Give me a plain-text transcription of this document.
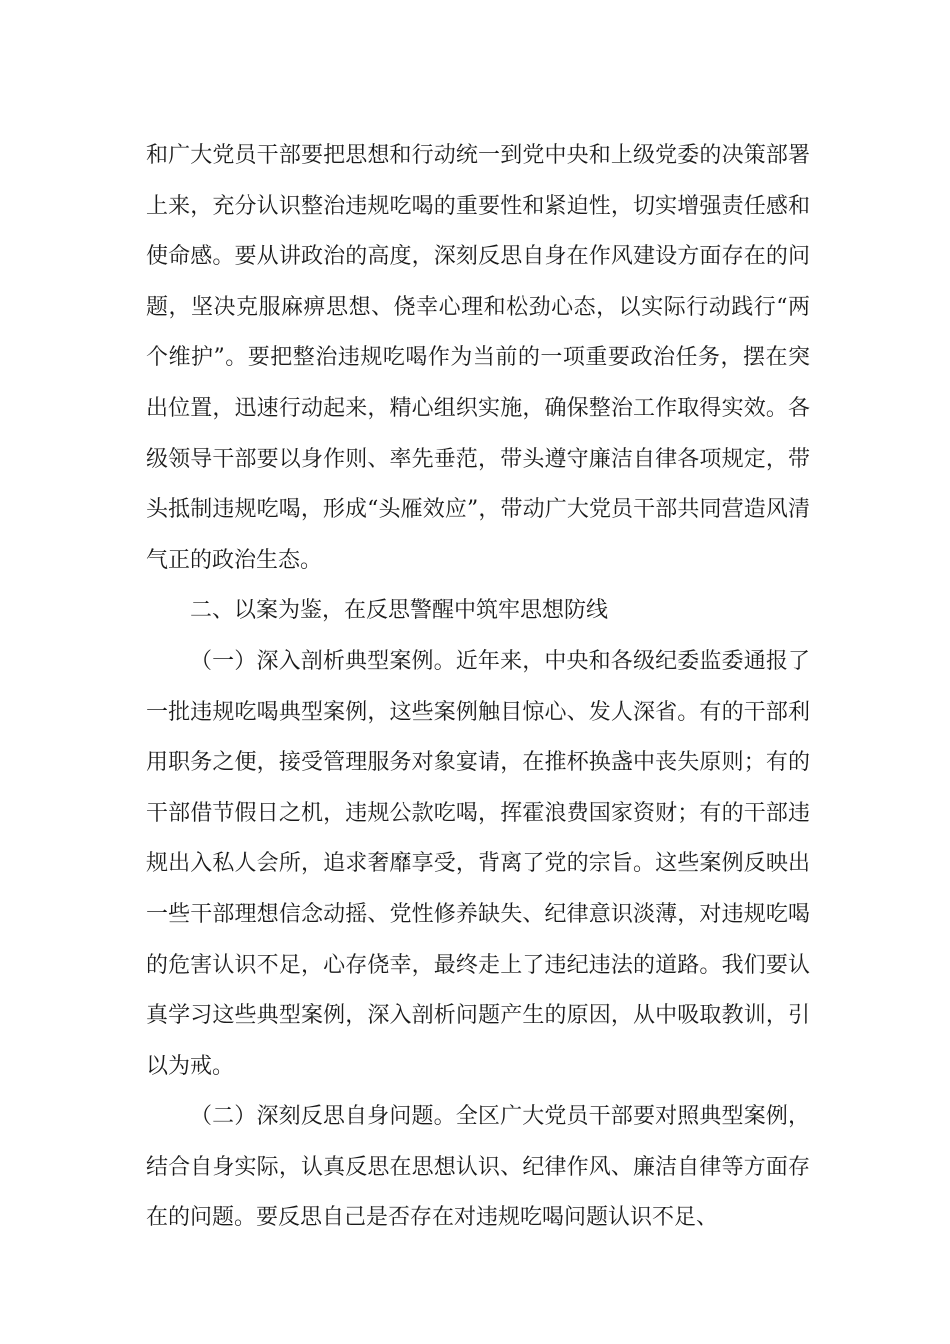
和广大党员干部要把思想和行动统一到党中央和上级党委的决策部署上来，充分认识整治违规吃喝的重要性和紧迫性，切实增强责任感和使命感。要从讲政治的高度，深刻反思自身在作风建设方面存在的问题，坚决克服麻痹思想、侥幸心理和松劲心态，以实际行动践行“两个维护”。要把整治违规吃喝作为当前的一项重要政治任务，摆在突出位置，迅速行动起来，精心组织实施，确保整治工作取得实效。各级领导干部要以身作则、率先垂范，带头遵守廉洁自律各项规定，带头抵制违规吃喝，形成“头雁效应”，带动广大党员干部共同营造风清气正的政治生态。

二、以案为鉴，在反思警醒中筑牢思想防线

（一）深入剖析典型案例。近年来，中央和各级纪委监委通报了一批违规吃喝典型案例，这些案例触目惊心、发人深省。有的干部利用职务之便，接受管理服务对象宴请，在推杯换盏中丧失原则；有的干部借节假日之机，违规公款吃喝，挥霍浪费国家资财；有的干部违规出入私人会所，追求奢靡享受，背离了党的宗旨。这些案例反映出一些干部理想信念动摇、党性修养缺失、纪律意识淡薄，对违规吃喝的危害认识不足，心存侥幸，最终走上了违纪违法的道路。我们要认真学习这些典型案例，深入剖析问题产生的原因，从中吸取教训，引以为戒。

（二）深刻反思自身问题。全区广大党员干部要对照典型案例，结合自身实际，认真反思在思想认识、纪律作风、廉洁自律等方面存在的问题。要反思自己是否存在对违规吃喝问题认识不足、
